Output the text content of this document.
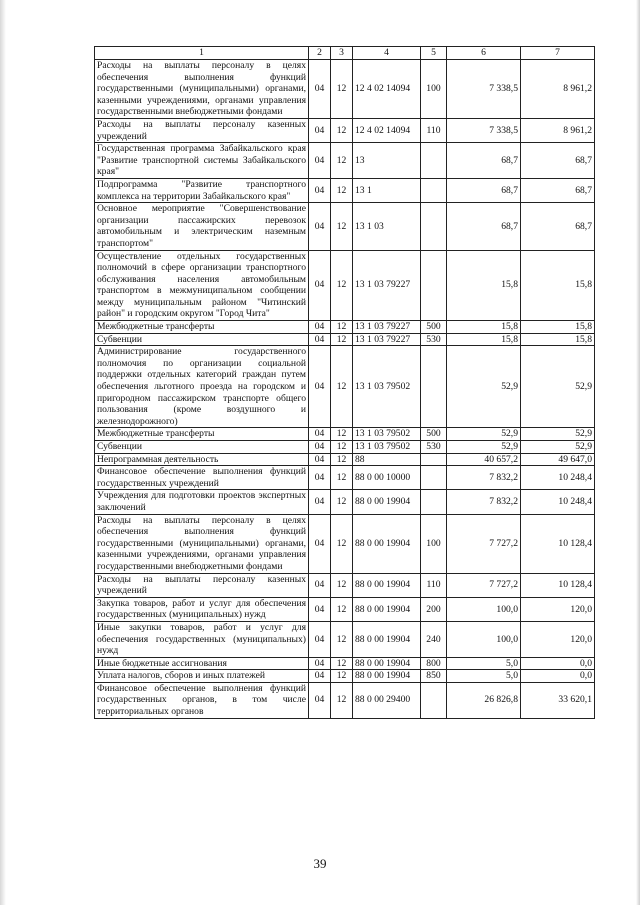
1	2	3	4	5	6	7
Расходы на выплаты персоналу в целях обеспечения выполнения функций государственными (муниципальными) органами, казенными учреждениями, органами управления государственными внебюджетными фондами	04	12	12 4 02 14094	100	7 338,5	8 961,2
Расходы на выплаты персоналу казенных учреждений	04	12	12 4 02 14094	110	7 338,5	8 961,2
Государственная программа Забайкальского края "Развитие транспортной системы Забайкальского края"	04	12	13		68,7	68,7
Подпрограмма "Развитие транспортного комплекса на территории Забайкальского края"	04	12	13 1		68,7	68,7
Основное мероприятие "Совершенствование организации пассажирских перевозок автомобильным и электрическим наземным транспортом"	04	12	13 1 03		68,7	68,7
Осуществление отдельных государственных полномочий в сфере организации транспортного обслуживания населения автомобильным транспортом в межмуниципальном сообщении между муниципальным районом "Читинский район" и городским округом "Город Чита"	04	12	13 1 03 79227		15,8	15,8
Межбюджетные трансферты	04	12	13 1 03 79227	500	15,8	15,8
Субвенции	04	12	13 1 03 79227	530	15,8	15,8
Администрирование государственного полномочия по организации социальной поддержки отдельных категорий граждан путем обеспечения льготного проезда на городском и пригородном пассажирском транспорте общего пользования (кроме воздушного и железнодорожного)	04	12	13 1 03 79502		52,9	52,9
Межбюджетные трансферты	04	12	13 1 03 79502	500	52,9	52,9
Субвенции	04	12	13 1 03 79502	530	52,9	52,9
Непрограммная деятельность	04	12	88		40 657,2	49 647,0
Финансовое обеспечение выполнения функций государственных учреждений	04	12	88 0 00 10000		7 832,2	10 248,4
Учреждения для подготовки проектов экспертных заключений	04	12	88 0 00 19904		7 832,2	10 248,4
Расходы на выплаты персоналу в целях обеспечения выполнения функций государственными (муниципальными) органами, казенными учреждениями, органами управления государственными внебюджетными фондами	04	12	88 0 00 19904	100	7 727,2	10 128,4
Расходы на выплаты персоналу казенных учреждений	04	12	88 0 00 19904	110	7 727,2	10 128,4
Закупка товаров, работ и услуг для обеспечения государственных (муниципальных) нужд	04	12	88 0 00 19904	200	100,0	120,0
Иные закупки товаров, работ и услуг для обеспечения государственных (муниципальных) нужд	04	12	88 0 00 19904	240	100,0	120,0
Иные бюджетные ассигнования	04	12	88 0 00 19904	800	5,0	0,0
Уплата налогов, сборов и иных платежей	04	12	88 0 00 19904	850	5,0	0,0
Финансовое обеспечение выполнения функций государственных органов, в том числе территориальных органов	04	12	88 0 00 29400		26 826,8	33 620,1
39
